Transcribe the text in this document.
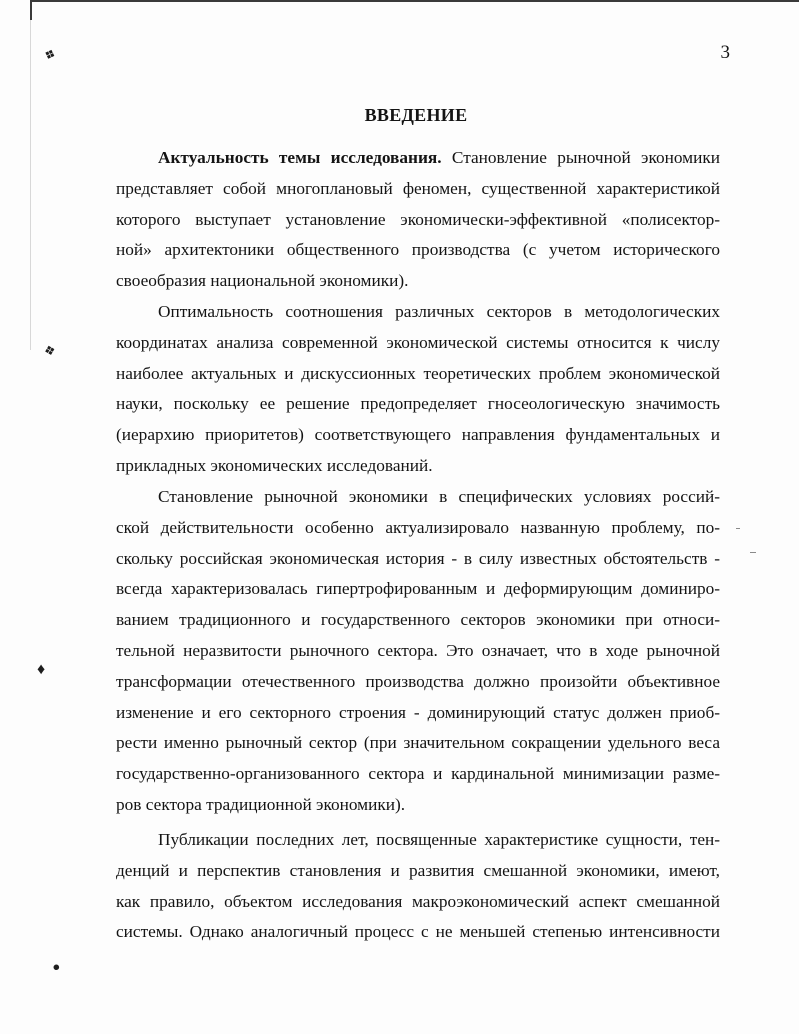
❖
❖
♦
●
3
ВВЕДЕНИЕ
Актуальность темы исследования. Становление рыночной экономики
представляет собой многоплановый феномен, существенной характеристикой
которого выступает установление экономически-эффективной «полисектор-
ной» архитектоники общественного производства (с учетом исторического
своеобразия национальной экономики).
Оптимальность соотношения различных секторов в методологических
координатах анализа современной экономической системы относится к числу
наиболее актуальных и дискуссионных теоретических проблем экономической
науки, поскольку ее решение предопределяет гносеологическую значимость
(иерархию приоритетов) соответствующего направления фундаментальных и
прикладных экономических исследований.
Становление рыночной экономики в специфических условиях россий-
ской действительности особенно актуализировало названную проблему, по-
скольку российская экономическая история - в силу известных обстоятельств -
всегда характеризовалась гипертрофированным и деформирующим доминиро-
ванием традиционного и государственного секторов экономики при относи-
тельной неразвитости рыночного сектора. Это означает, что в ходе рыночной
трансформации отечественного производства должно произойти объективное
изменение и его секторного строения - доминирующий статус должен приоб-
рести именно рыночный сектор (при значительном сокращении удельного веса
государственно-организованного сектора и кардинальной минимизации разме-
ров сектора традиционной экономики).
Публикации последних лет, посвященные характеристике сущности, тен-
денций и перспектив становления и развития смешанной экономики, имеют,
как правило, объектом исследования макроэкономический аспект смешанной
системы. Однако аналогичный процесс с не меньшей степенью интенсивности
